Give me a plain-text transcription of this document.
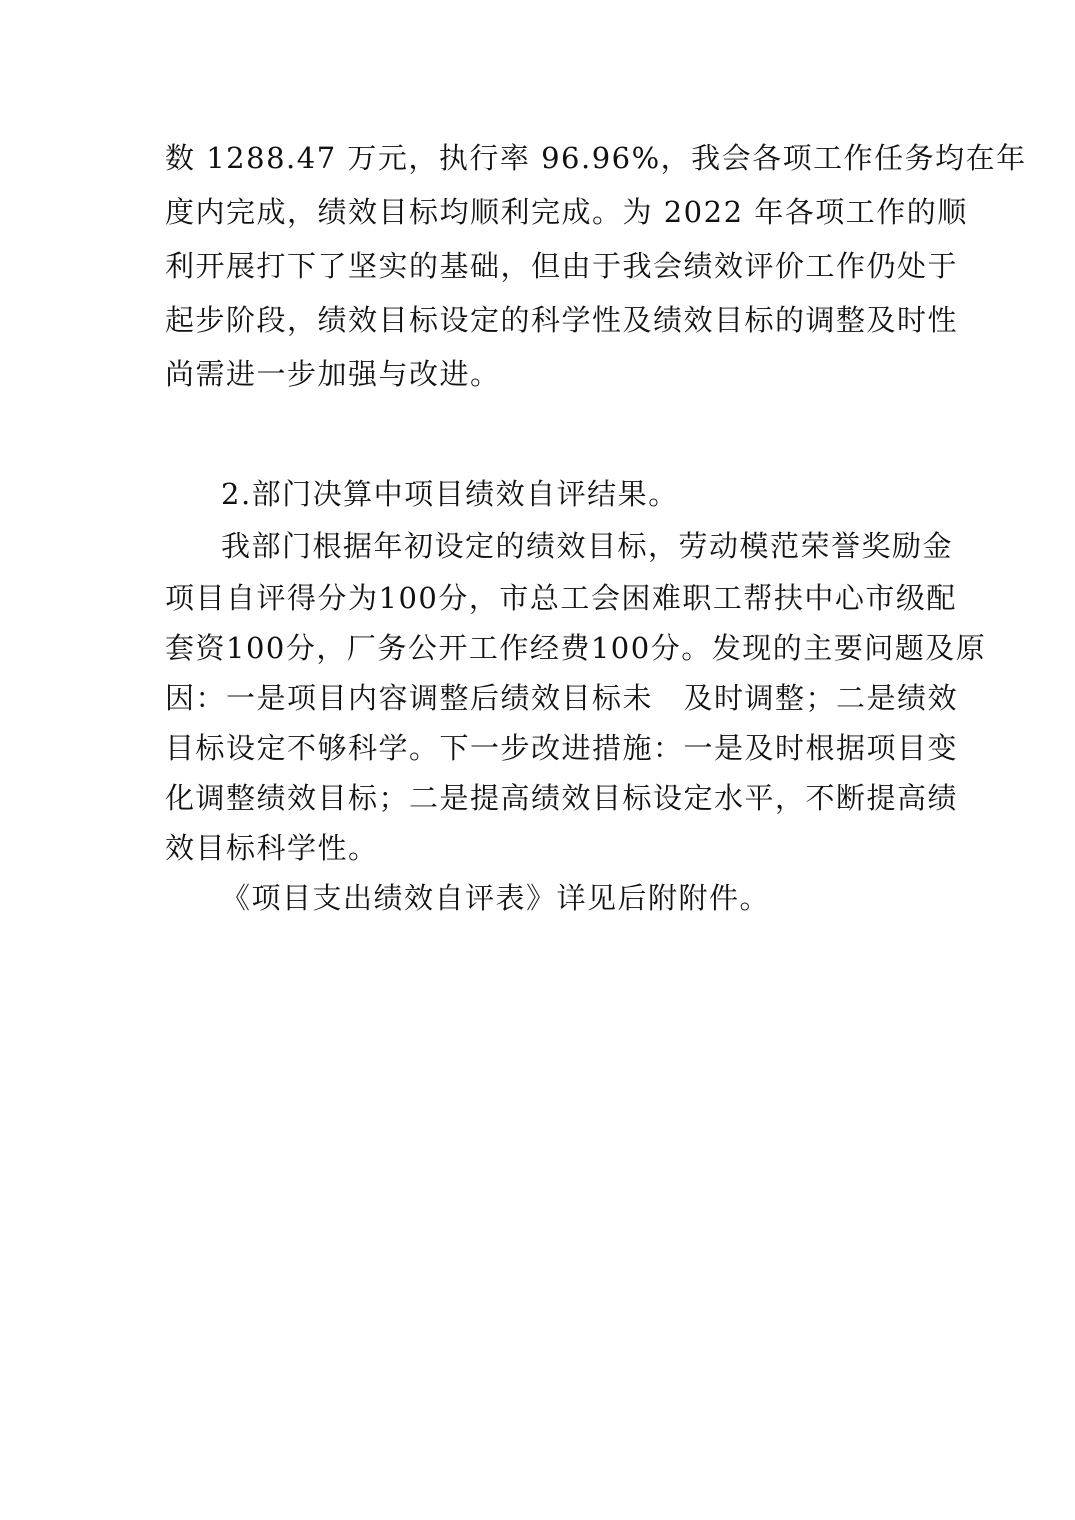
数 1288.47 万元，执行率 96.96%，我会各项工作任务均在年
度内完成，绩效目标均顺利完成。为 2022 年各项工作的顺
利开展打下了坚实的基础，但由于我会绩效评价工作仍处于
起步阶段，绩效目标设定的科学性及绩效目标的调整及时性
尚需进一步加强与改进。
2.部门决算中项目绩效自评结果。
我部门根据年初设定的绩效目标，劳动模范荣誉奖励金
项目自评得分为100分，市总工会困难职工帮扶中心市级配
套资100分，厂务公开工作经费100分。发现的主要问题及原
因：一是项目内容调整后绩效目标未　及时调整；二是绩效
目标设定不够科学。下一步改进措施：一是及时根据项目变
化调整绩效目标；二是提高绩效目标设定水平，不断提高绩
效目标科学性。
《项目支出绩效自评表》详见后附附件。
